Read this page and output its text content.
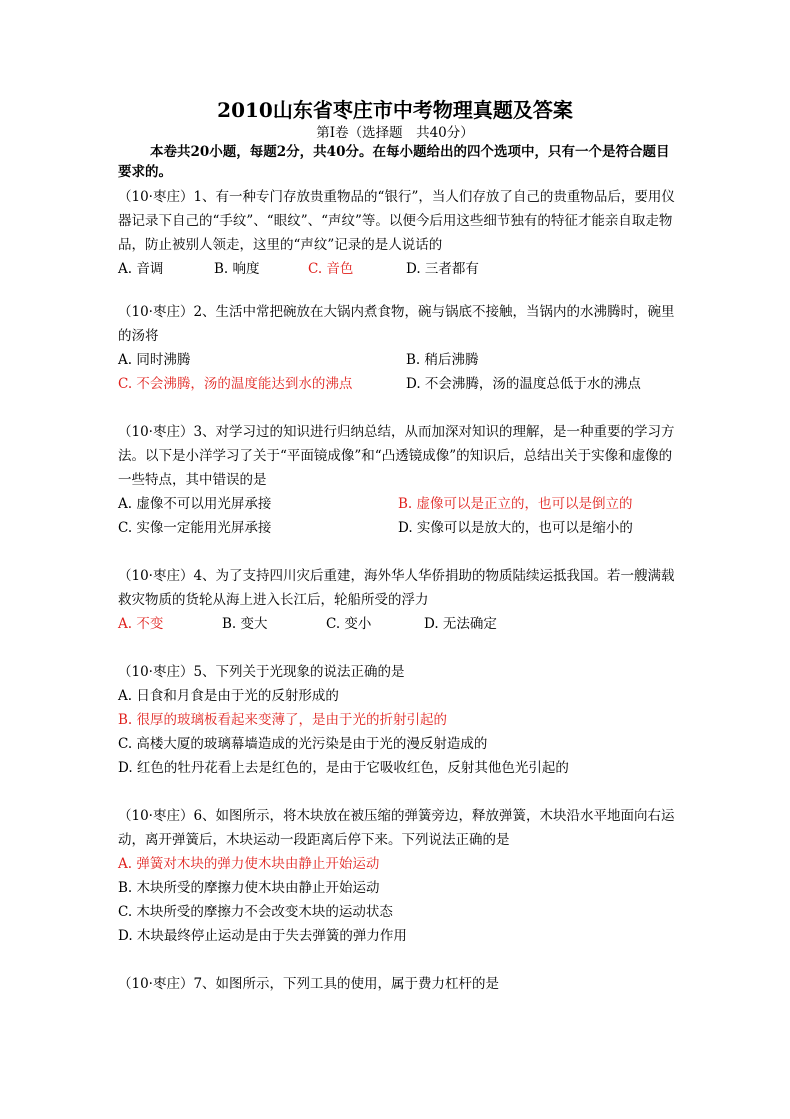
2010山东省枣庄市中考物理真题及答案
第Ⅰ卷（选择题　共40分）
本卷共20小题，每题2分，共40分。在每小题给出的四个选项中，只有一个是符合题目要求的。
（10·枣庄）1、有一种专门存放贵重物品的“银行”，当人们存放了自己的贵重物品后，要用仪器记录下自己的“手纹”、“眼纹”、“声纹”等。以便今后用这些细节独有的特征才能亲自取走物品，防止被别人领走，这里的“声纹”记录的是人说话的
A. 音调	B. 响度	C. 音色	D. 三者都有
（10·枣庄）2、生活中常把碗放在大锅内煮食物，碗与锅底不接触，当锅内的水沸腾时，碗里的汤将
A. 同时沸腾	B. 稍后沸腾
C. 不会沸腾，汤的温度能达到水的沸点	D. 不会沸腾，汤的温度总低于水的沸点
（10·枣庄）3、对学习过的知识进行归纳总结，从而加深对知识的理解，是一种重要的学习方法。以下是小洋学习了关于“平面镜成像”和“凸透镜成像”的知识后，总结出关于实像和虚像的一些特点，其中错误的是
A. 虚像不可以用光屏承接	B. 虚像可以是正立的，也可以是倒立的
C. 实像一定能用光屏承接	D. 实像可以是放大的，也可以是缩小的
（10·枣庄）4、为了支持四川灾后重建，海外华人华侨捐助的物质陆续运抵我国。若一艘满载救灾物质的货轮从海上进入长江后，轮船所受的浮力
A. 不变	B. 变大	C. 变小	D. 无法确定
（10·枣庄）5、下列关于光现象的说法正确的是
A. 日食和月食是由于光的反射形成的
B. 很厚的玻璃板看起来变薄了，是由于光的折射引起的
C. 高楼大厦的玻璃幕墙造成的光污染是由于光的漫反射造成的
D. 红色的牡丹花看上去是红色的，是由于它吸收红色，反射其他色光引起的
（10·枣庄）6、如图所示，将木块放在被压缩的弹簧旁边，释放弹簧，木块沿水平地面向右运动，离开弹簧后，木块运动一段距离后停下来。下列说法正确的是
A. 弹簧对木块的弹力使木块由静止开始运动
B. 木块所受的摩擦力使木块由静止开始运动
C. 木块所受的摩擦力不会改变木块的运动状态
D. 木块最终停止运动是由于失去弹簧的弹力作用
（10·枣庄）7、如图所示，下列工具的使用，属于费力杠杆的是
